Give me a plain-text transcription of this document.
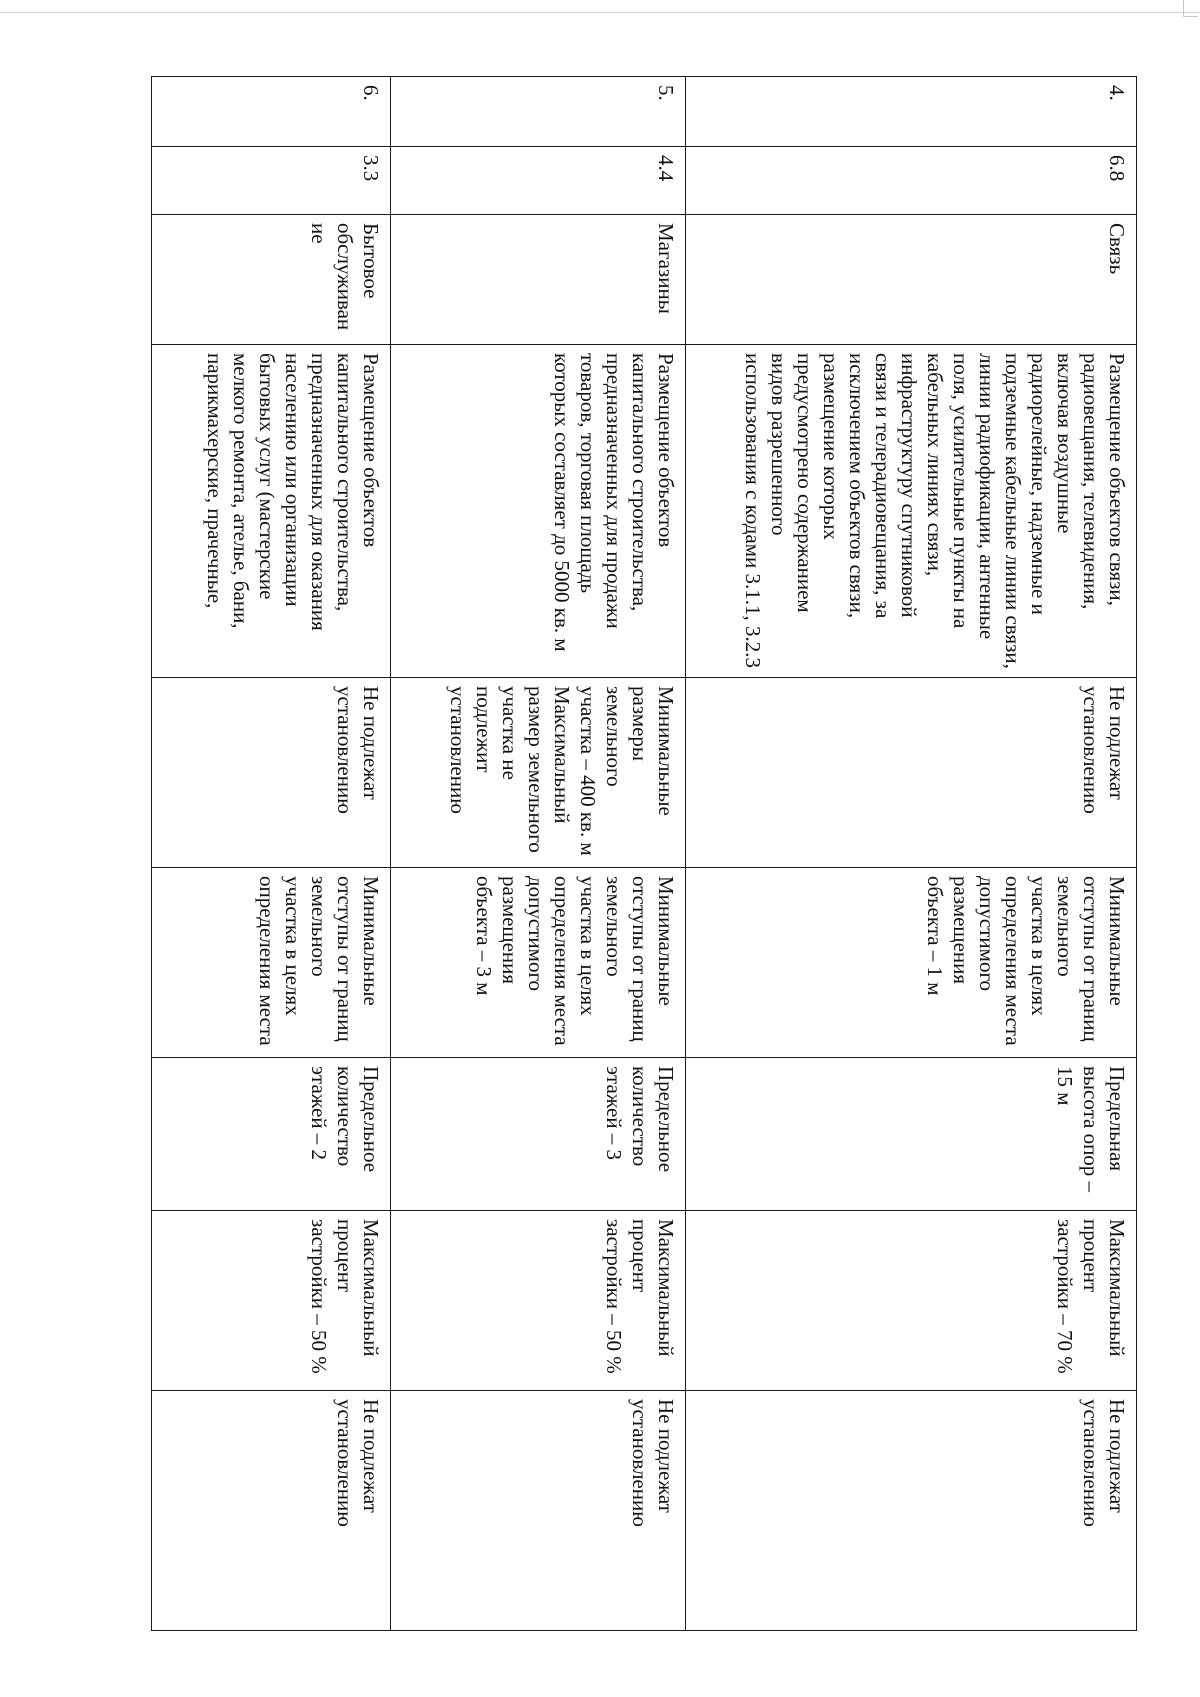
4.	6.8	Связь	Размещение объектов связи, радиовещания, телевидения, включая воздушные радиорелейные, надземные и подземные кабельные линии связи, линии радиофикации, антенные поля, усилительные пункты на кабельных линиях связи, инфраструктуру спутниковой связи и телерадиовещания, за исключением объектов связи, размещение которых предусмотрено содержанием видов разрешенного использования с кодами 3.1.1, 3.2.3	Не подлежат установлению	Минимальные отступы от границ земельного участка в целях определения места допустимого размещения объекта – 1 м	Предельная высота опор – 15 м	Максимальный процент застройки – 70 %	Не подлежат установлению
5.	4.4	Магазины	Размещение объектов капитального строительства, предназначенных для продажи товаров, торговая площадь которых составляет до 5000 кв. м	Минимальные размеры земельного участка – 400 кв. м Максимальный размер земельного участка не подлежит установлению	Минимальные отступы от границ земельного участка в целях определения места допустимого размещения объекта – 3 м	Предельное количество этажей – 3	Максимальный процент застройки – 50 %	Не подлежат установлению
6.	3.3	Бытовое обслуживание	Размещение объектов капитального строительства, предназначенных для оказания населению или организации бытовых услуг (мастерские мелкого ремонта, ателье, бани, парикмахерские, прачечные,	Не подлежат установлению	Минимальные отступы от границ земельного участка в целях определения места	Предельное количество этажей – 2	Максимальный процент застройки – 50 %	Не подлежат установлению
